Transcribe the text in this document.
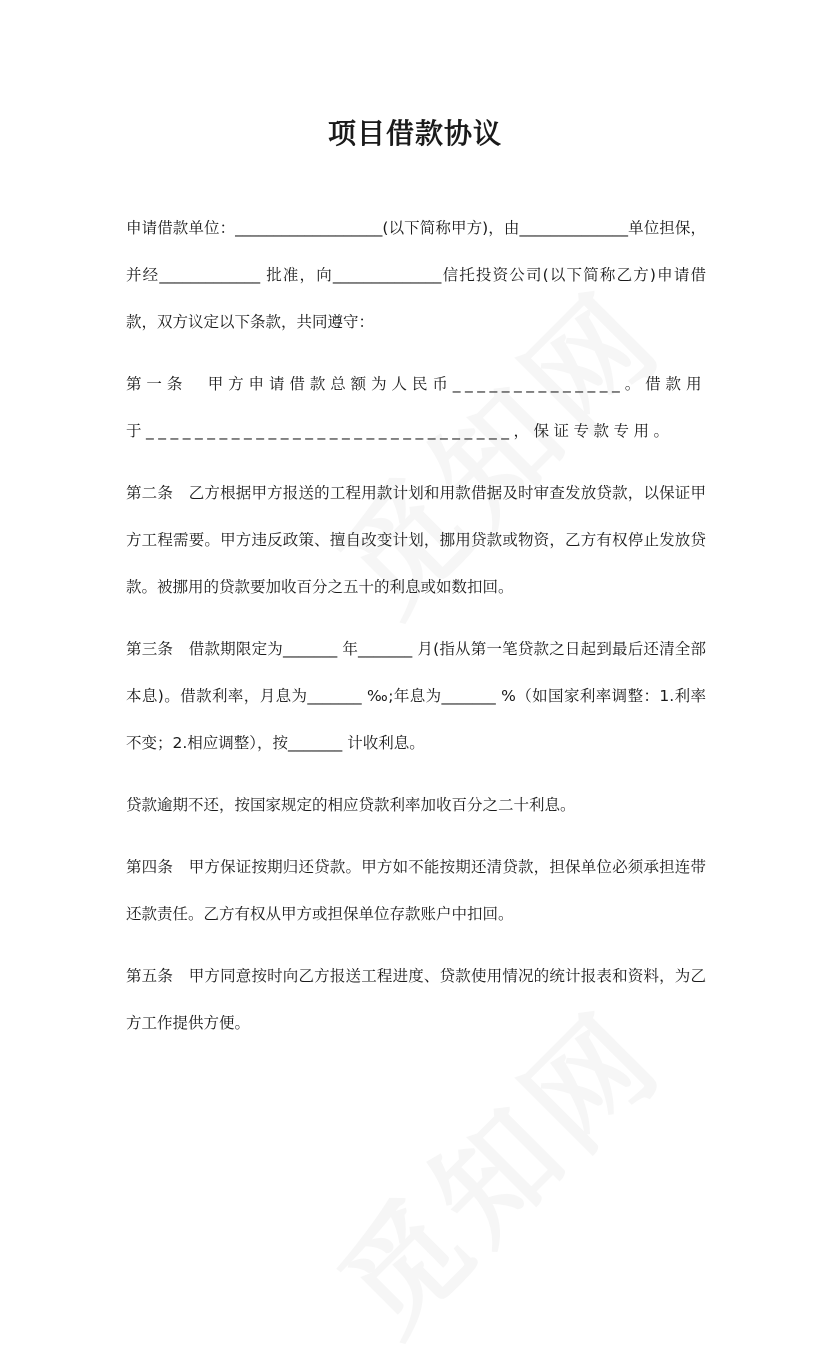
项目借款协议

申请借款单位：___________________(以下简称甲方)，由______________单位担保，并经_____________ 批准，向______________信托投资公司(以下简称乙方)申请借款，双方议定以下条款，共同遵守：

第一条　甲方申请借款总额为人民币______________。借款用于______________________________，保证专款专用。

第二条　乙方根据甲方报送的工程用款计划和用款借据及时审查发放贷款，以保证甲方工程需要。甲方违反政策、擅自改变计划，挪用贷款或物资，乙方有权停止发放贷款。被挪用的贷款要加收百分之五十的利息或如数扣回。

第三条　借款期限定为_______ 年_______ 月(指从第一笔贷款之日起到最后还清全部本息)。借款利率，月息为_______ ‰;年息为_______ %（如国家利率调整：1.利率不变；2.相应调整），按_______ 计收利息。

贷款逾期不还，按国家规定的相应贷款利率加收百分之二十利息。

第四条　甲方保证按期归还贷款。甲方如不能按期还清贷款，担保单位必须承担连带还款责任。乙方有权从甲方或担保单位存款账户中扣回。

第五条　甲方同意按时向乙方报送工程进度、贷款使用情况的统计报表和资料，为乙方工作提供方便。
